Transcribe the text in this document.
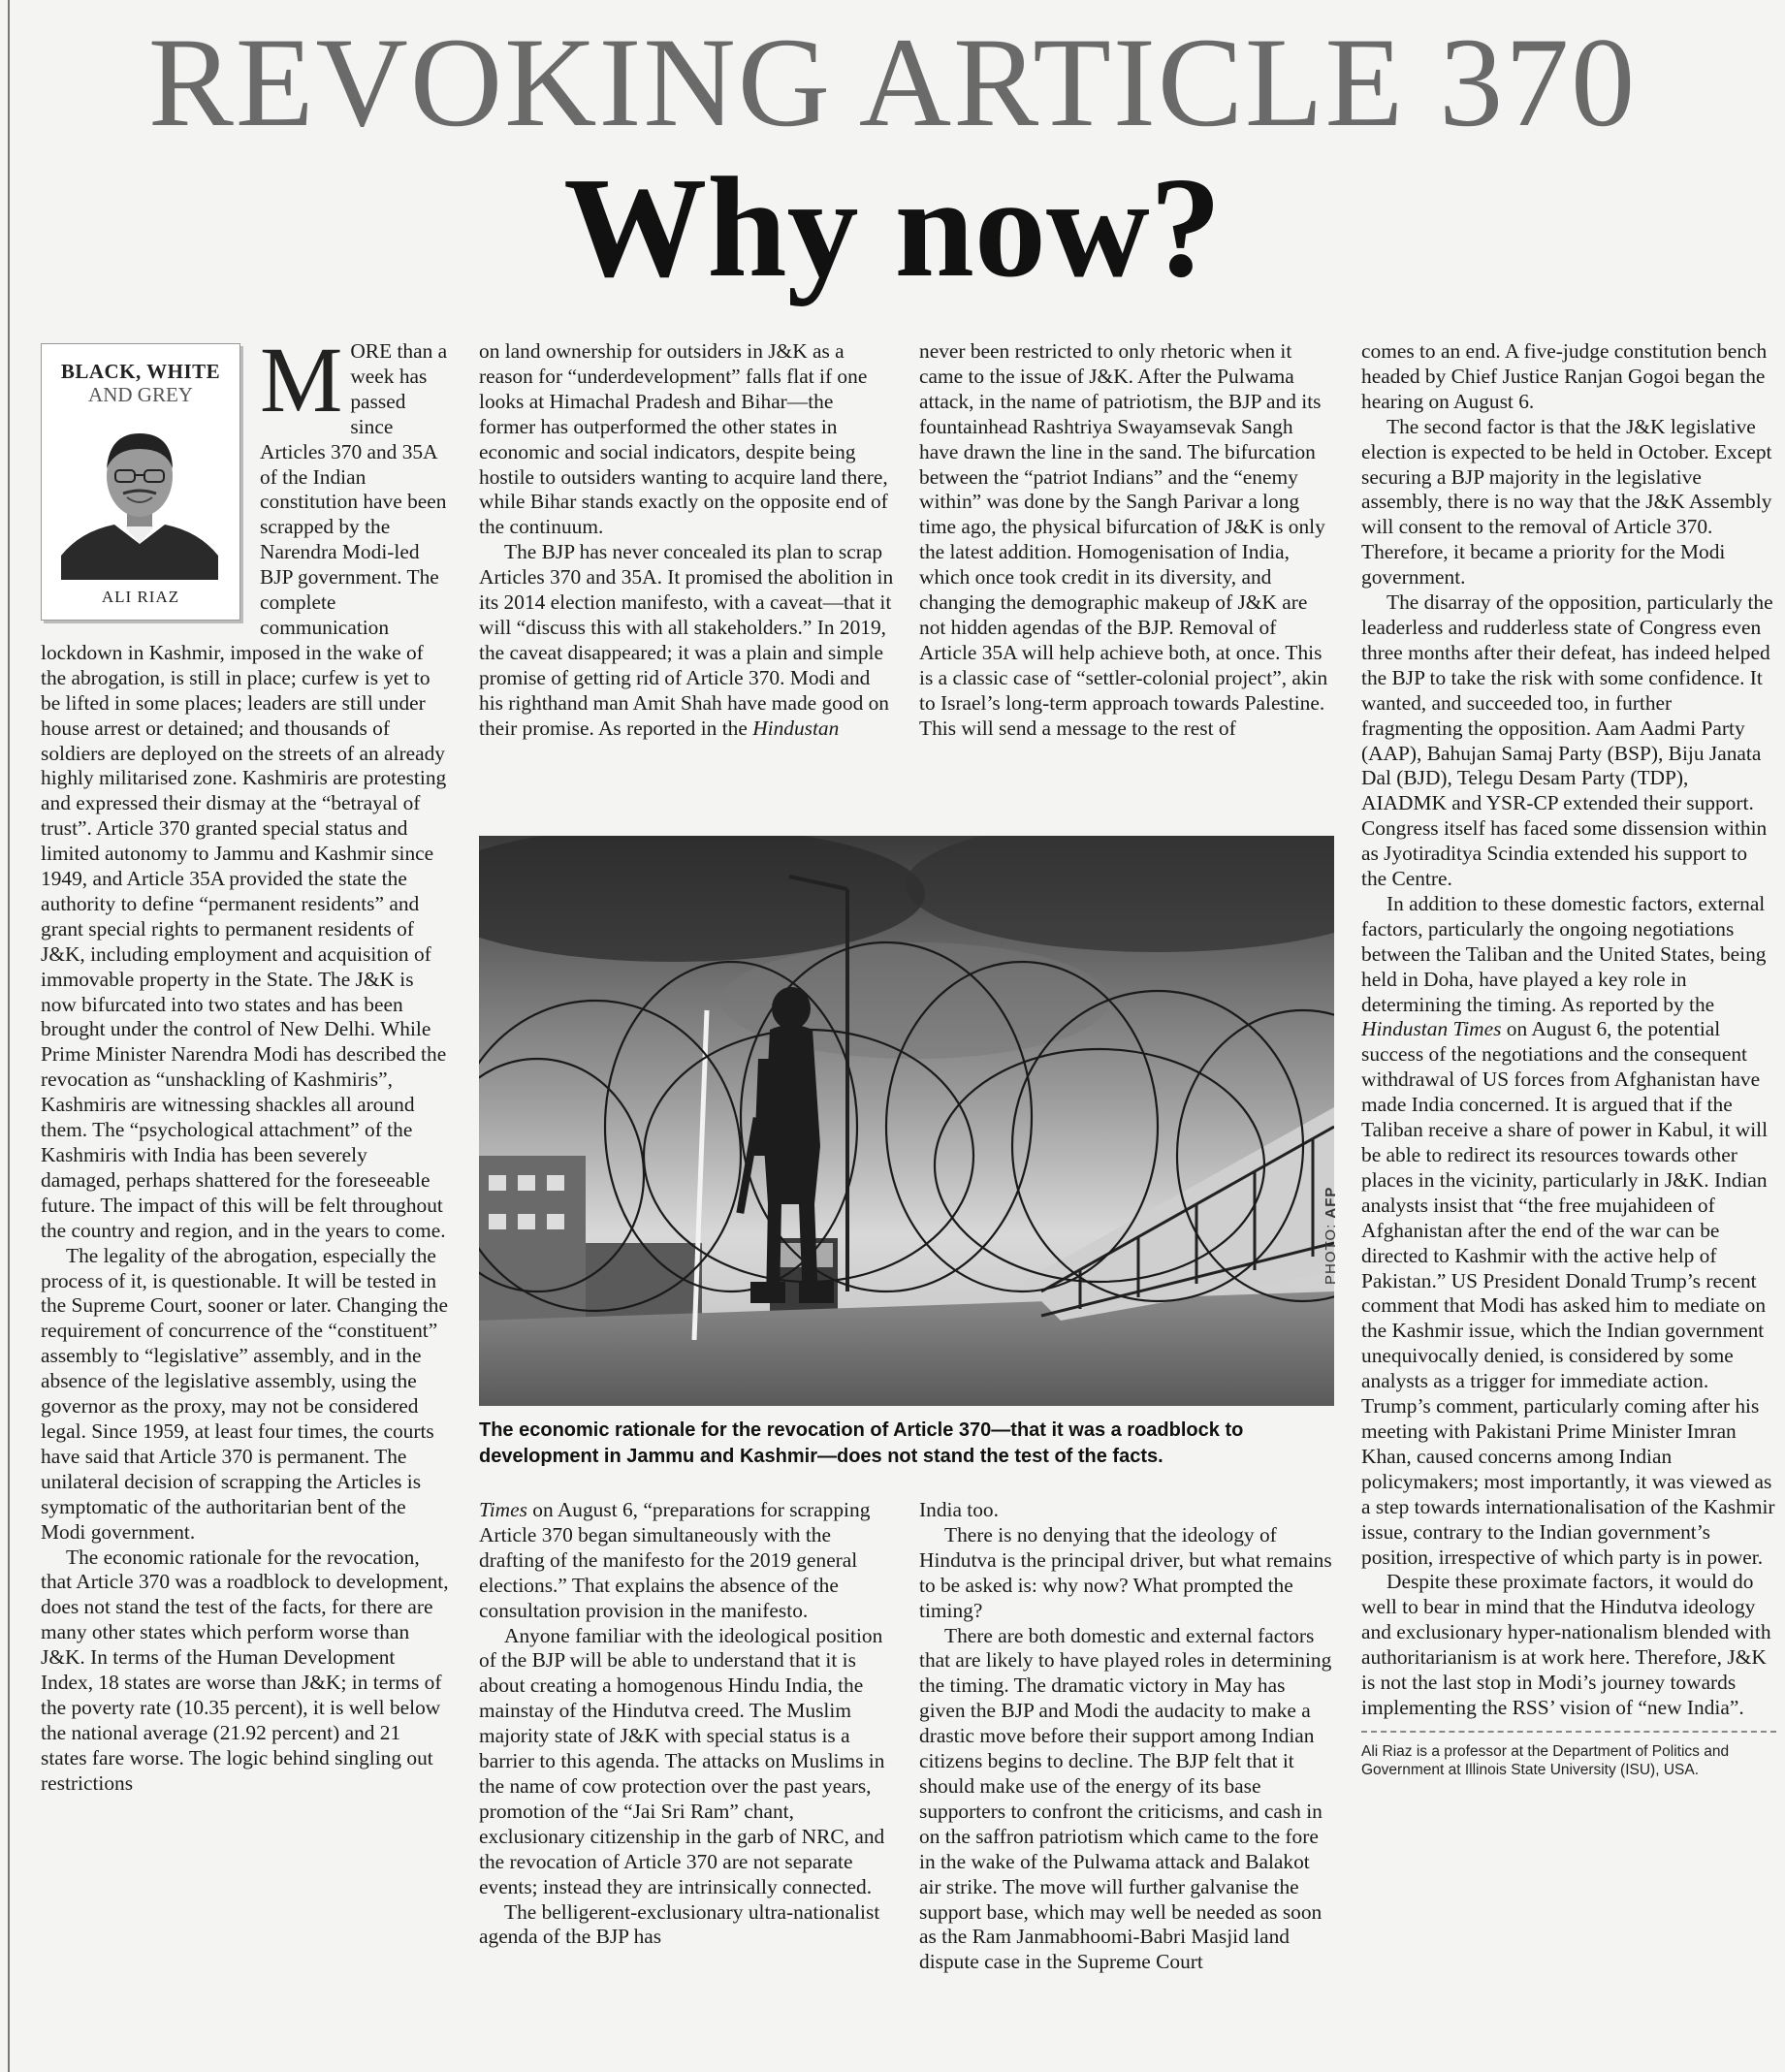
REVOKING ARTICLE 370
Why now?
BLACK, WHITE
AND GREY
ALI RIAZ

MORE than a week has passed since Articles 370 and 35A of the Indian constitution have been scrapped by the Narendra Modi-led BJP government. The complete communication lockdown in Kashmir, imposed in the wake of the abrogation, is still in place; curfew is yet to be lifted in some places; leaders are still under house arrest or detained; and thousands of soldiers are deployed on the streets of an already highly militarised zone. Kashmiris are protesting and expressed their dismay at the “betrayal of trust”. Article 370 granted special status and limited autonomy to Jammu and Kashmir since 1949, and Article 35A provided the state the authority to define “permanent residents” and grant special rights to permanent residents of J&K, including employment and acquisition of immovable property in the State. The J&K is now bifurcated into two states and has been brought under the control of New Delhi. While Prime Minister Narendra Modi has described the revocation as “unshackling of Kashmiris”, Kashmiris are witnessing shackles all around them. The “psychological attachment” of the Kashmiris with India has been severely damaged, perhaps shattered for the foreseeable future. The impact of this will be felt throughout the country and region, and in the years to come.

The legality of the abrogation, especially the process of it, is questionable. It will be tested in the Supreme Court, sooner or later. Changing the requirement of concurrence of the “constituent” assembly to “legislative” assembly, and in the absence of the legislative assembly, using the governor as the proxy, may not be considered legal. Since 1959, at least four times, the courts have said that Article 370 is permanent. The unilateral decision of scrapping the Articles is symptomatic of the authoritarian bent of the Modi government.

The economic rationale for the revocation, that Article 370 was a roadblock to development, does not stand the test of the facts, for there are many other states which perform worse than J&K. In terms of the Human Development Index, 18 states are worse than J&K; in terms of the poverty rate (10.35 percent), it is well below the national average (21.92 percent) and 21 states fare worse. The logic behind singling out restrictions

on land ownership for outsiders in J&K as a reason for “underdevelopment” falls flat if one looks at Himachal Pradesh and Bihar—the former has outperformed the other states in economic and social indicators, despite being hostile to outsiders wanting to acquire land there, while Bihar stands exactly on the opposite end of the continuum.

The BJP has never concealed its plan to scrap Articles 370 and 35A. It promised the abolition in its 2014 election manifesto, with a caveat—that it will “discuss this with all stakeholders.” In 2019, the caveat disappeared; it was a plain and simple promise of getting rid of Article 370. Modi and his righthand man Amit Shah have made good on their promise. As reported in the Hindustan

never been restricted to only rhetoric when it came to the issue of J&K. After the Pulwama attack, in the name of patriotism, the BJP and its fountainhead Rashtriya Swayamsevak Sangh have drawn the line in the sand. The bifurcation between the “patriot Indians” and the “enemy within” was done by the Sangh Parivar a long time ago, the physical bifurcation of J&K is only the latest addition. Homogenisation of India, which once took credit in its diversity, and changing the demographic makeup of J&K are not hidden agendas of the BJP. Removal of Article 35A will help achieve both, at once. This is a classic case of “settler-colonial project”, akin to Israel’s long-term approach towards Palestine. This will send a message to the rest of

PHOTO: AFP
The economic rationale for the revocation of Article 370—that it was a roadblock to development in Jammu and Kashmir—does not stand the test of the facts.

Times on August 6, “preparations for scrapping Article 370 began simultaneously with the drafting of the manifesto for the 2019 general elections.” That explains the absence of the consultation provision in the manifesto.

Anyone familiar with the ideological position of the BJP will be able to understand that it is about creating a homogenous Hindu India, the mainstay of the Hindutva creed. The Muslim majority state of J&K with special status is a barrier to this agenda. The attacks on Muslims in the name of cow protection over the past years, promotion of the “Jai Sri Ram” chant, exclusionary citizenship in the garb of NRC, and the revocation of Article 370 are not separate events; instead they are intrinsically connected.

The belligerent-exclusionary ultra-nationalist agenda of the BJP has

India too.

There is no denying that the ideology of Hindutva is the principal driver, but what remains to be asked is: why now? What prompted the timing?

There are both domestic and external factors that are likely to have played roles in determining the timing. The dramatic victory in May has given the BJP and Modi the audacity to make a drastic move before their support among Indian citizens begins to decline. The BJP felt that it should make use of the energy of its base supporters to confront the criticisms, and cash in on the saffron patriotism which came to the fore in the wake of the Pulwama attack and Balakot air strike. The move will further galvanise the support base, which may well be needed as soon as the Ram Janmabhoomi-Babri Masjid land dispute case in the Supreme Court

comes to an end. A five-judge constitution bench headed by Chief Justice Ranjan Gogoi began the hearing on August 6.

The second factor is that the J&K legislative election is expected to be held in October. Except securing a BJP majority in the legislative assembly, there is no way that the J&K Assembly will consent to the removal of Article 370. Therefore, it became a priority for the Modi government.

The disarray of the opposition, particularly the leaderless and rudderless state of Congress even three months after their defeat, has indeed helped the BJP to take the risk with some confidence. It wanted, and succeeded too, in further fragmenting the opposition. Aam Aadmi Party (AAP), Bahujan Samaj Party (BSP), Biju Janata Dal (BJD), Telegu Desam Party (TDP), AIADMK and YSR-CP extended their support. Congress itself has faced some dissension within as Jyotiraditya Scindia extended his support to the Centre.

In addition to these domestic factors, external factors, particularly the ongoing negotiations between the Taliban and the United States, being held in Doha, have played a key role in determining the timing. As reported by the Hindustan Times on August 6, the potential success of the negotiations and the consequent withdrawal of US forces from Afghanistan have made India concerned. It is argued that if the Taliban receive a share of power in Kabul, it will be able to redirect its resources towards other places in the vicinity, particularly in J&K. Indian analysts insist that “the free mujahideen of Afghanistan after the end of the war can be directed to Kashmir with the active help of Pakistan.” US President Donald Trump’s recent comment that Modi has asked him to mediate on the Kashmir issue, which the Indian government unequivocally denied, is considered by some analysts as a trigger for immediate action. Trump’s comment, particularly coming after his meeting with Pakistani Prime Minister Imran Khan, caused concerns among Indian policymakers; most importantly, it was viewed as a step towards internationalisation of the Kashmir issue, contrary to the Indian government’s position, irrespective of which party is in power.

Despite these proximate factors, it would do well to bear in mind that the Hindutva ideology and exclusionary hyper-nationalism blended with authoritarianism is at work here. Therefore, J&K is not the last stop in Modi’s journey towards implementing the RSS’ vision of “new India”.

Ali Riaz is a professor at the Department of Politics and Government at Illinois State University (ISU), USA.
